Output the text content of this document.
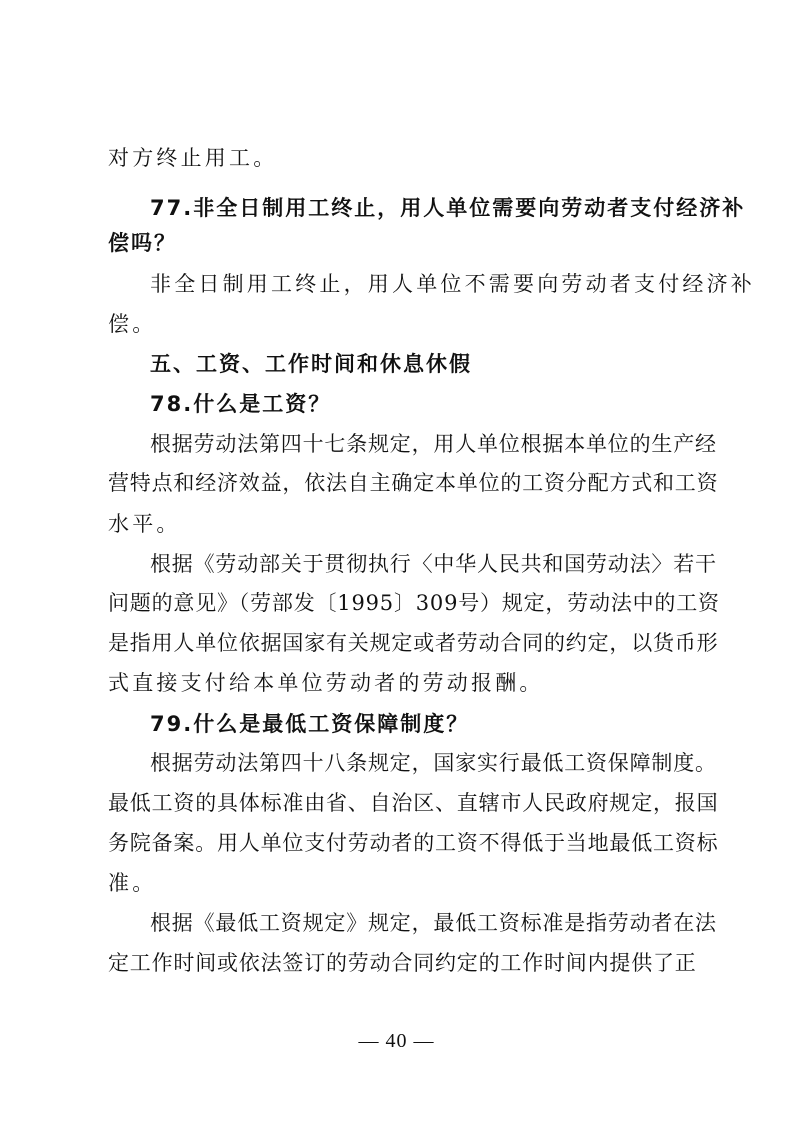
对方终止用工。
77.非全日制用工终止，用人单位需要向劳动者支付经济补
偿吗？
非全日制用工终止，用人单位不需要向劳动者支付经济补
偿。
五、工资、工作时间和休息休假
78.什么是工资？
根据劳动法第四十七条规定，用人单位根据本单位的生产经
营特点和经济效益，依法自主确定本单位的工资分配方式和工资
水平。
根据《劳动部关于贯彻执行〈中华人民共和国劳动法〉若干
问题的意见》（劳部发〔1995〕309号）规定，劳动法中的工资
是指用人单位依据国家有关规定或者劳动合同的约定，以货币形
式直接支付给本单位劳动者的劳动报酬。
79.什么是最低工资保障制度？
根据劳动法第四十八条规定，国家实行最低工资保障制度。
最低工资的具体标准由省、自治区、直辖市人民政府规定，报国
务院备案。用人单位支付劳动者的工资不得低于当地最低工资标
准。
根据《最低工资规定》规定，最低工资标准是指劳动者在法
定工作时间或依法签订的劳动合同约定的工作时间内提供了正
— 40 —
